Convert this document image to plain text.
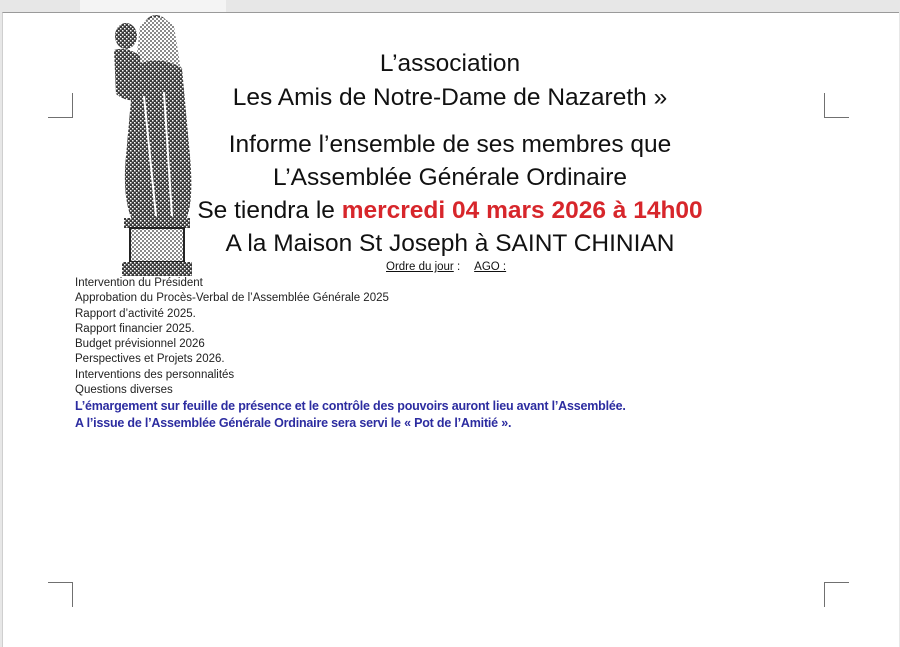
L’association
Les Amis de Notre-Dame de Nazareth »
Informe l’ensemble de ses membres que
L’Assemblée Générale Ordinaire
Se tiendra le mercredi 04 mars 2026 à 14h00
A la Maison St Joseph à SAINT CHINIAN
Ordre du jour : AGO :
Intervention du Président
Approbation du Procès-Verbal de l’Assemblée Générale 2025
Rapport d’activité 2025.
Rapport financier 2025.
Budget prévisionnel 2026
Perspectives et Projets 2026.
Interventions des personnalités
Questions diverses
L’émargement sur feuille de présence et le contrôle des pouvoirs auront lieu avant l’Assemblée.
A l’issue de l’Assemblée Générale Ordinaire sera servi le « Pot de l’Amitié ».
